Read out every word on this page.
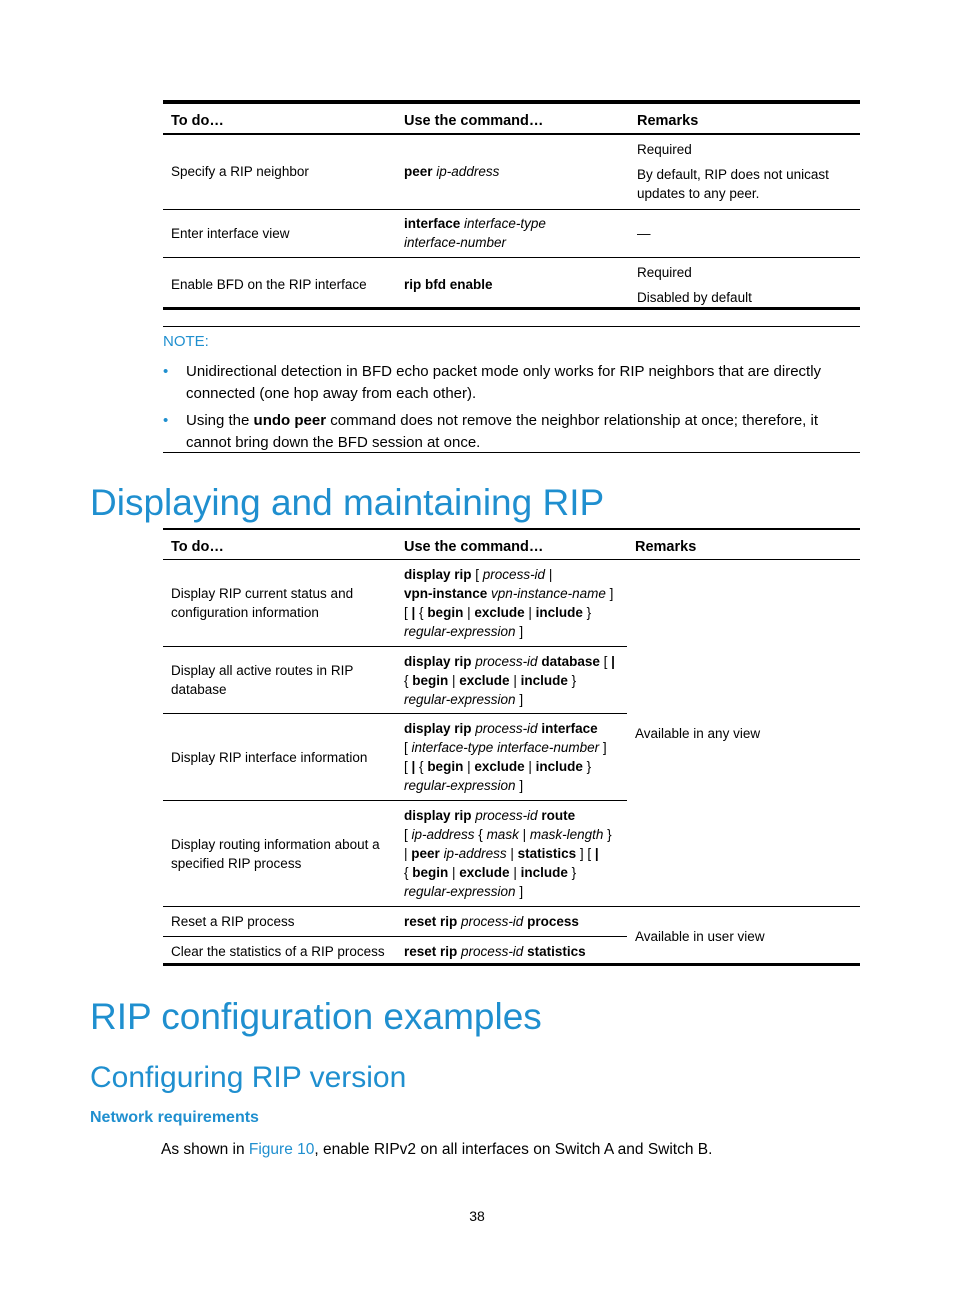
To do…	Use the command…	Remarks
Specify a RIP neighbor	peer ip-address	Required
By default, RIP does not unicast updates to any peer.

Enter interface view	interface interface-type
interface-number	—
Enable BFD on the RIP interface	rip bfd enable	Required
Disabled by default
NOTE:
• Unidirectional detection in BFD echo packet mode only works for RIP neighbors that are directly connected (one hop away from each other).
• Using the undo peer command does not remove the neighbor relationship at once; therefore, it cannot bring down the BFD session at once.
Displaying and maintaining RIP
To do…	Use the command…	Remarks
Display RIP current status and configuration information	display rip [ process-id |
vpn-instance vpn-instance-name ]
[ | { begin | exclude | include }
regular-expression ]	Available in any view
Display all active routes in RIP database	display rip process-id database [ |
{ begin | exclude | include }
regular-expression ]	
Display RIP interface information	display rip process-id interface
[ interface-type interface-number ]
[ | { begin | exclude | include }
regular-expression ]	
Display routing information about a specified RIP process	display rip process-id route
[ ip-address { mask | mask-length }
| peer ip-address | statistics ] [ |
{ begin | exclude | include }
regular-expression ]	
Reset a RIP process	reset rip process-id process	Available in user view
Clear the statistics of a RIP process	reset rip process-id statistics	
RIP configuration examples
Configuring RIP version
Network requirements
As shown in Figure 10, enable RIPv2 on all interfaces on Switch A and Switch B.
38
